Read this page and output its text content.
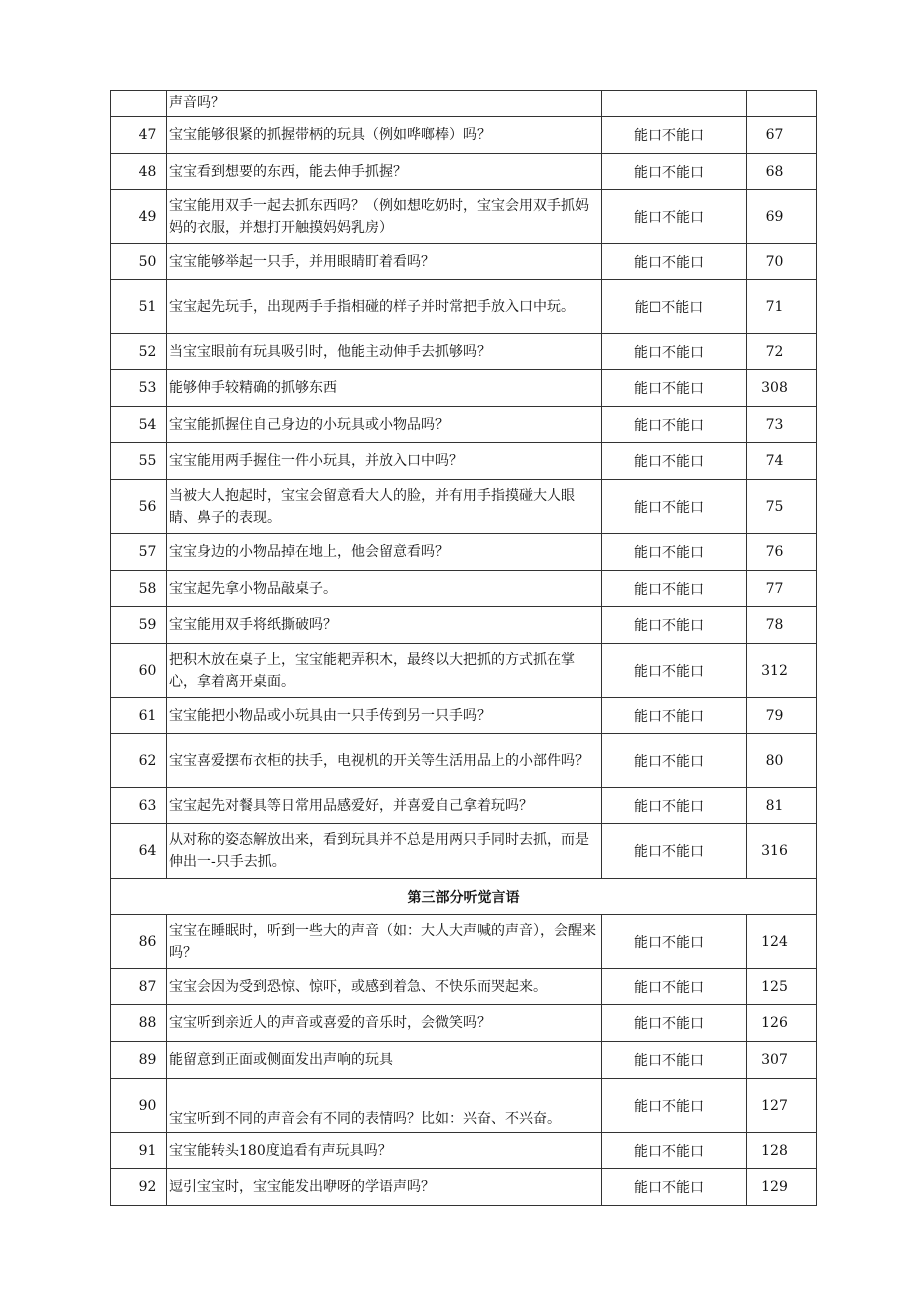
	声音吗？		
47	宝宝能够很紧的抓握带柄的玩具（例如哗啷棒）吗？	能口不能口	67
48	宝宝看到想要的东西，能去伸手抓握？	能口不能口	68
49	宝宝能用双手一起去抓东西吗？（例如想吃奶时，宝宝会用双手抓妈妈的衣服，并想打开触摸妈妈乳房）	能口不能口	69
50	宝宝能够举起一只手，并用眼睛盯着看吗？	能口不能口	70
51	宝宝起先玩手，出现两手手指相碰的样子并时常把手放入口中玩。	能☐不能口	71
52	当宝宝眼前有玩具吸引时，他能主动伸手去抓够吗？	能口不能口	72
53	能够伸手较精确的抓够东西	能口不能口	308
54	宝宝能抓握住自己身边的小玩具或小物品吗？	能口不能口	73
55	宝宝能用两手握住一件小玩具，并放入口中吗？	能口不能口	74
56	当被大人抱起时，宝宝会留意看大人的脸，并有用手指摸碰大人眼睛、鼻子的表现。	能口不能口	75
57	宝宝身边的小物品掉在地上，他会留意看吗？	能口不能口	76
58	宝宝起先拿小物品敲桌子。	能口不能口	77
59	宝宝能用双手将纸撕破吗？	能口不能口	78
60	把积木放在桌子上，宝宝能耙弄积木，最终以大把抓的方式抓在掌心，拿着离开桌面。	能口不能口	312
61	宝宝能把小物品或小玩具由一只手传到另一只手吗？	能口不能口	79
62	宝宝喜爱摆布衣柜的扶手，电视机的开关等生活用品上的小部件吗？	能口不能口	80
63	宝宝起先对餐具等日常用品感爱好，并喜爱自己拿着玩吗？	能口不能口	81
64	从对称的姿态解放出来，看到玩具并不总是用两只手同时去抓，而是伸出一-只手去抓。	能口不能口	316
第三部分听觉言语			
86	宝宝在睡眠时，听到一些大的声音（如：大人大声喊的声音），会醒来吗？	能口不能口	124
87	宝宝会因为受到恐惊、惊吓，或感到着急、不快乐而哭起来。	能口不能口	125
88	宝宝听到亲近人的声音或喜爱的音乐时，会微笑吗？	能口不能口	126
89	能留意到正面或侧面发出声响的玩具	能口不能口	307
90	宝宝听到不同的声音会有不同的表情吗？比如：兴奋、不兴奋。	能口不能口	127
91	宝宝能转头180度追看有声玩具吗？	能口不能口	128
92	逗引宝宝时，宝宝能发出咿呀的学语声吗？	能口不能口	129
